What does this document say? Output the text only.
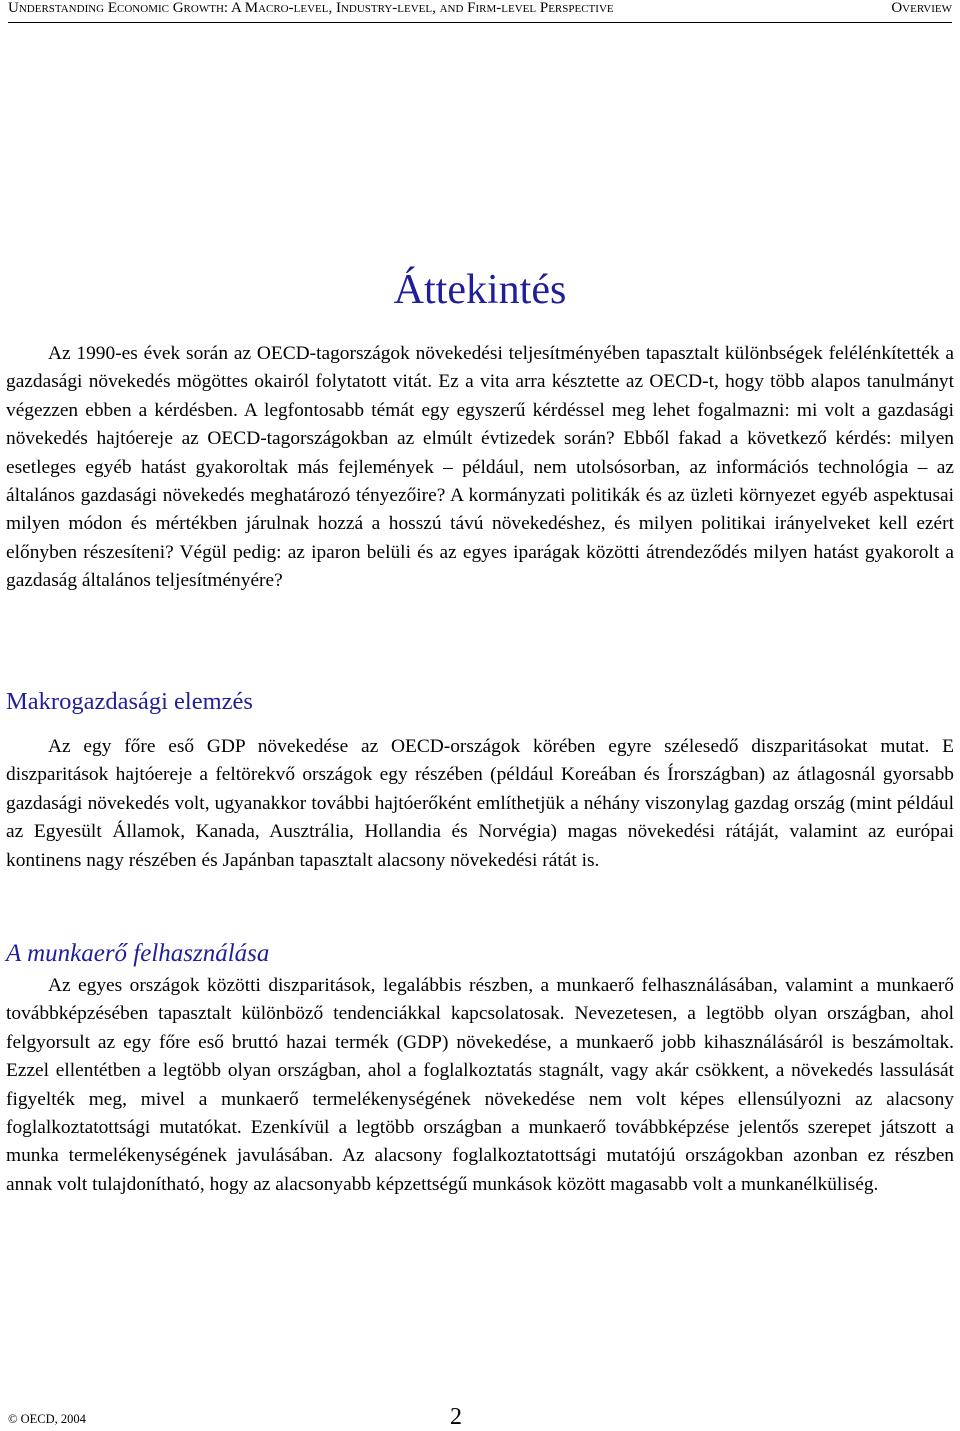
Understanding Economic Growth: A Macro-level, Industry-level, and Firm-level Perspective	Overview
Áttekintés

Az 1990-es évek során az OECD-tagországok növekedési teljesítményében tapasztalt különbségek felélénkítették a gazdasági növekedés mögöttes okairól folytatott vitát. Ez a vita arra késztette az OECD-t, hogy több alapos tanulmányt végezzen ebben a kérdésben. A legfontosabb témát egy egyszerű kérdéssel meg lehet fogalmazni: mi volt a gazdasági növekedés hajtóereje az OECD-tagországokban az elmúlt évtizedek során? Ebből fakad a következő kérdés: milyen esetleges egyéb hatást gyakoroltak más fejlemények – például, nem utolsósorban, az információs technológia – az általános gazdasági növekedés meghatározó tényezőire? A kormányzati politikák és az üzleti környezet egyéb aspektusai milyen módon és mértékben járulnak hozzá a hosszú távú növekedéshez, és milyen politikai irányelveket kell ezért előnyben részesíteni? Végül pedig: az iparon belüli és az egyes iparágak közötti átrendeződés milyen hatást gyakorolt a gazdaság általános teljesítményére?

Makrogazdasági elemzés

Az egy főre eső GDP növekedése az OECD-országok körében egyre szélesedő diszparitásokat mutat. E diszparitások hajtóereje a feltörekvő országok egy részében (például Koreában és Írországban) az átlagosnál gyorsabb gazdasági növekedés volt, ugyanakkor további hajtóerőként említhetjük a néhány viszonylag gazdag ország (mint például az Egyesült Államok, Kanada, Ausztrália, Hollandia és Norvégia) magas növekedési rátáját, valamint az európai kontinens nagy részében és Japánban tapasztalt alacsony növekedési rátát is.

A munkaerő felhasználása

Az egyes országok közötti diszparitások, legalábbis részben, a munkaerő felhasználásában, valamint a munkaerő továbbképzésében tapasztalt különböző tendenciákkal kapcsolatosak. Nevezetesen, a legtöbb olyan országban, ahol felgyorsult az egy főre eső bruttó hazai termék (GDP) növekedése, a munkaerő jobb kihasználásáról is beszámoltak. Ezzel ellentétben a legtöbb olyan országban, ahol a foglalkoztatás stagnált, vagy akár csökkent, a növekedés lassulását figyelték meg, mivel a munkaerő termelékenységének növekedése nem volt képes ellensúlyozni az alacsony foglalkoztatottsági mutatókat. Ezenkívül a legtöbb országban a munkaerő továbbképzése jelentős szerepet játszott a munka termelékenységének javulásában. Az alacsony foglalkoztatottsági mutatójú országokban azonban ez részben annak volt tulajdonítható, hogy az alacsonyabb képzettségű munkások között magasabb volt a munkanélküliség.

© OECD, 2004	2
